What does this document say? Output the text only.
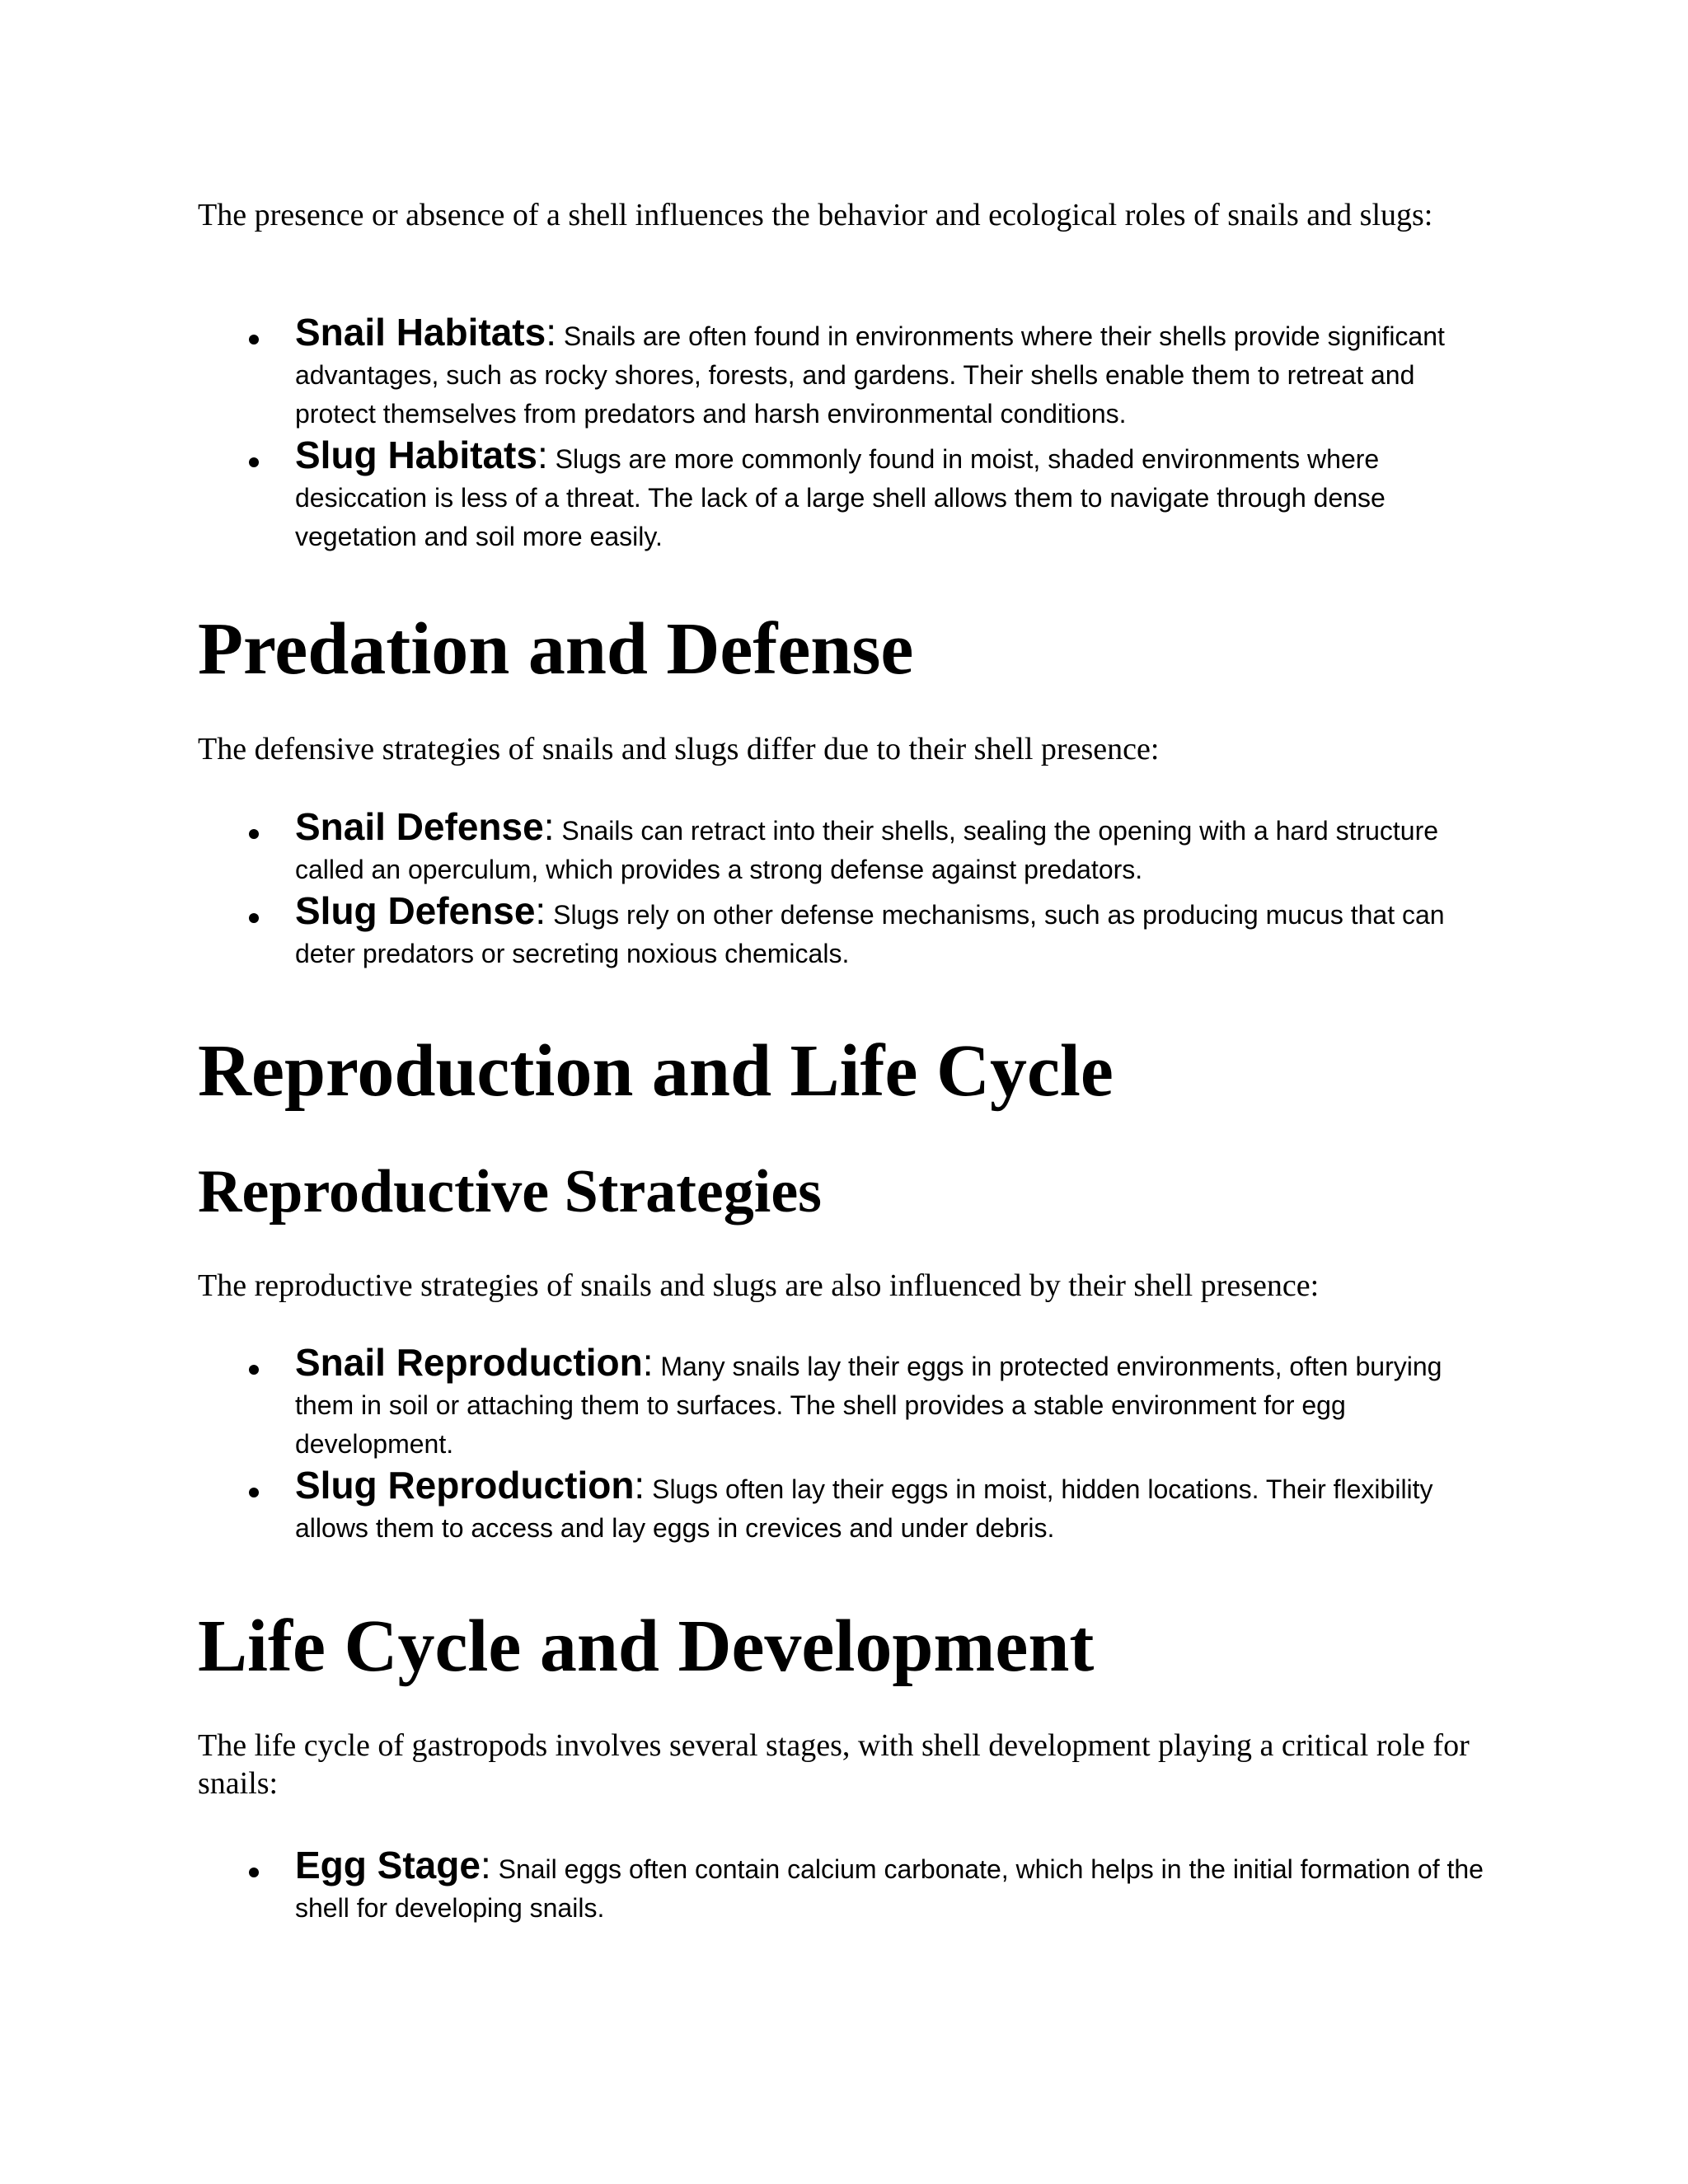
The presence or absence of a shell influences the behavior and ecological roles of snails and slugs:

Snail Habitats: Snails are often found in environments where their shells provide significant advantages, such as rocky shores, forests, and gardens. Their shells enable them to retreat and protect themselves from predators and harsh environmental conditions.
Slug Habitats: Slugs are more commonly found in moist, shaded environments where desiccation is less of a threat. The lack of a large shell allows them to navigate through dense vegetation and soil more easily.
Predation and Defense

The defensive strategies of snails and slugs differ due to their shell presence:

Snail Defense: Snails can retract into their shells, sealing the opening with a hard structure called an operculum, which provides a strong defense against predators.
Slug Defense: Slugs rely on other defense mechanisms, such as producing mucus that can deter predators or secreting noxious chemicals.
Reproduction and Life Cycle
Reproductive Strategies

The reproductive strategies of snails and slugs are also influenced by their shell presence:

Snail Reproduction: Many snails lay their eggs in protected environments, often burying them in soil or attaching them to surfaces. The shell provides a stable environment for egg development.
Slug Reproduction: Slugs often lay their eggs in moist, hidden locations. Their flexibility allows them to access and lay eggs in crevices and under debris.
Life Cycle and Development

The life cycle of gastropods involves several stages, with shell development playing a critical role for snails:

Egg Stage: Snail eggs often contain calcium carbonate, which helps in the initial formation of the shell for developing snails.
